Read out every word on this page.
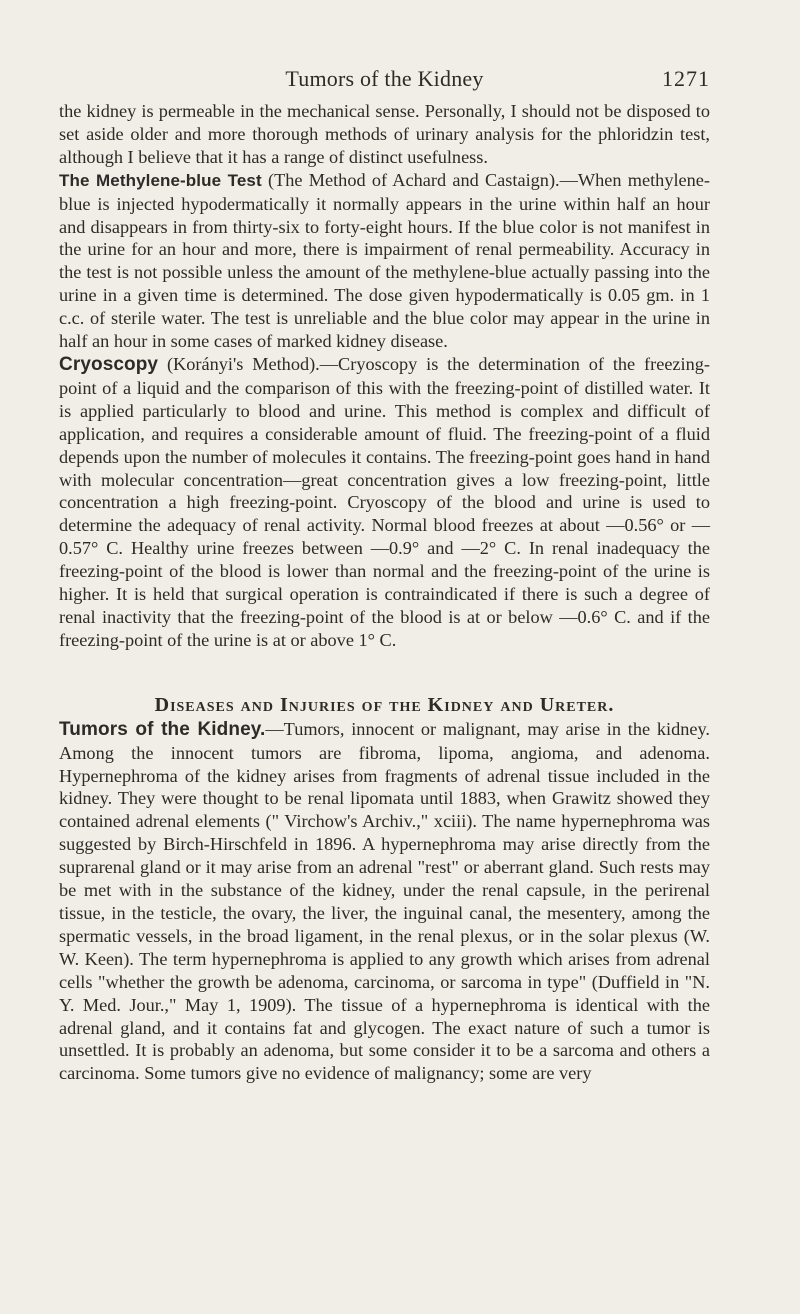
Tumors of the Kidney	1271

the kidney is permeable in the mechanical sense. Personally, I should not be disposed to set aside older and more thorough methods of urinary analysis for the phloridzin test, although I believe that it has a range of distinct usefulness.

The Methylene-blue Test (The Method of Achard and Castaign).—When methylene-blue is injected hypodermatically it normally appears in the urine within half an hour and disappears in from thirty-six to forty-eight hours. If the blue color is not manifest in the urine for an hour and more, there is impairment of renal permeability. Accuracy in the test is not possible unless the amount of the methylene-blue actually passing into the urine in a given time is determined. The dose given hypodermatically is 0.05 gm. in 1 c.c. of sterile water. The test is unreliable and the blue color may appear in the urine in half an hour in some cases of marked kidney disease.

Cryoscopy (Korányi's Method).—Cryoscopy is the determination of the freezing-point of a liquid and the comparison of this with the freezing-point of distilled water. It is applied particularly to blood and urine. This method is complex and difficult of application, and requires a considerable amount of fluid. The freezing-point of a fluid depends upon the number of molecules it contains. The freezing-point goes hand in hand with molecular concentration—great concentration gives a low freezing-point, little concentration a high freezing-point. Cryoscopy of the blood and urine is used to determine the adequacy of renal activity. Normal blood freezes at about —0.56° or —0.57° C. Healthy urine freezes between —0.9° and —2° C. In renal inadequacy the freezing-point of the blood is lower than normal and the freezing-point of the urine is higher. It is held that surgical operation is contraindicated if there is such a degree of renal inactivity that the freezing-point of the blood is at or below —0.6° C. and if the freezing-point of the urine is at or above 1° C.

Diseases and Injuries of the Kidney and Ureter.

Tumors of the Kidney.—Tumors, innocent or malignant, may arise in the kidney. Among the innocent tumors are fibroma, lipoma, angioma, and adenoma. Hypernephroma of the kidney arises from fragments of adrenal tissue included in the kidney. They were thought to be renal lipomata until 1883, when Grawitz showed they contained adrenal elements (" Virchow's Archiv.," xciii). The name hypernephroma was suggested by Birch-Hirschfeld in 1896. A hypernephroma may arise directly from the suprarenal gland or it may arise from an adrenal "rest" or aberrant gland. Such rests may be met with in the substance of the kidney, under the renal capsule, in the perirenal tissue, in the testicle, the ovary, the liver, the inguinal canal, the mesentery, among the spermatic vessels, in the broad ligament, in the renal plexus, or in the solar plexus (W. W. Keen). The term hypernephroma is applied to any growth which arises from adrenal cells "whether the growth be adenoma, carcinoma, or sarcoma in type" (Duffield in "N. Y. Med. Jour.," May 1, 1909). The tissue of a hypernephroma is identical with the adrenal gland, and it contains fat and glycogen. The exact nature of such a tumor is unsettled. It is probably an adenoma, but some consider it to be a sarcoma and others a carcinoma. Some tumors give no evidence of malignancy; some are very
